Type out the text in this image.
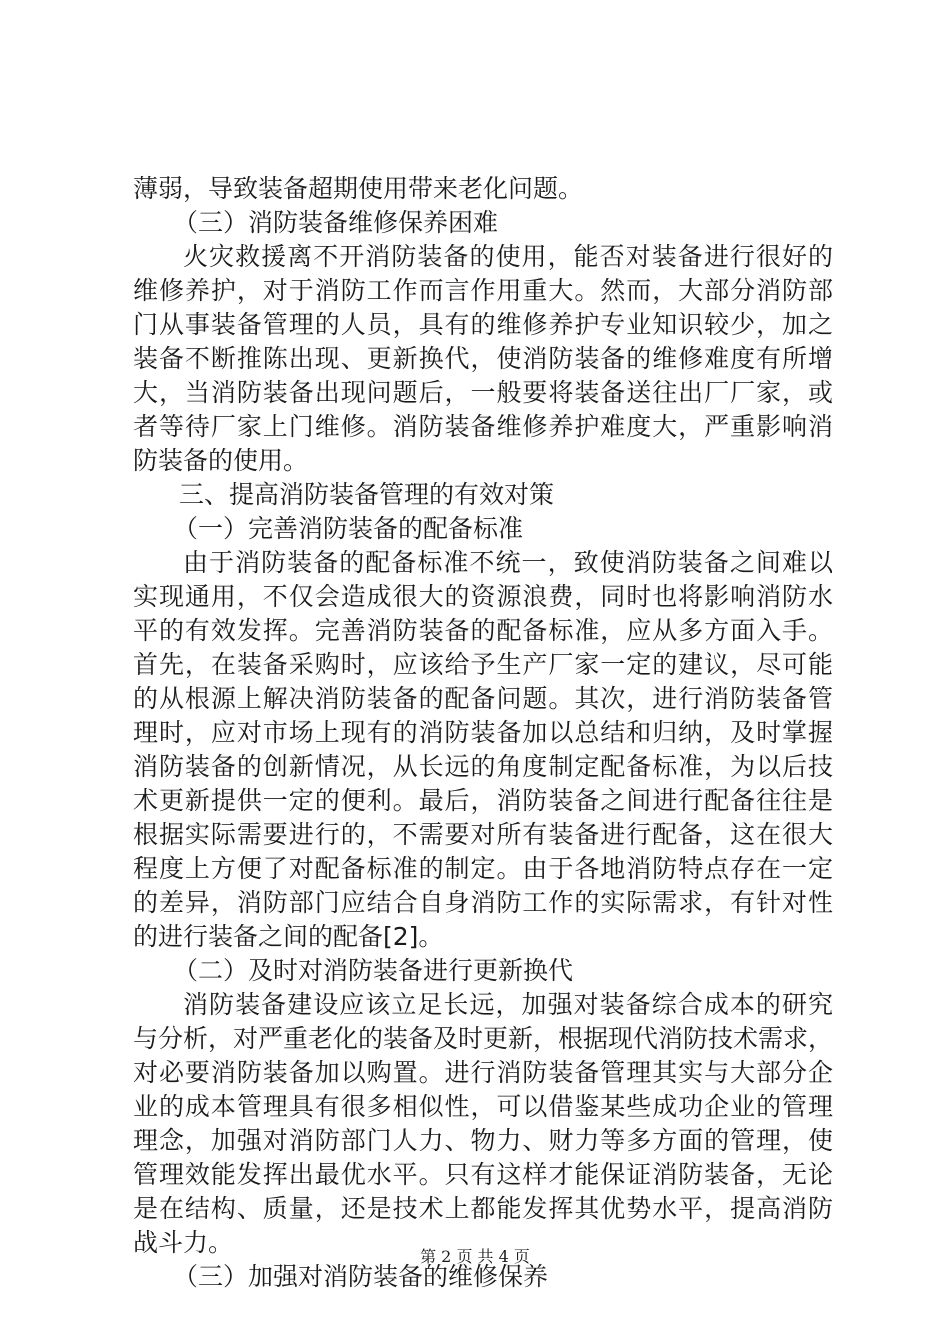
薄弱，导致装备超期使用带来老化问题。
（三）消防装备维修保养困难
火灾救援离不开消防装备的使用，能否对装备进行很好的
维修养护，对于消防工作而言作用重大。然而，大部分消防部
门从事装备管理的人员，具有的维修养护专业知识较少，加之
装备不断推陈出现、更新换代，使消防装备的维修难度有所增
大，当消防装备出现问题后，一般要将装备送往出厂厂家，或
者等待厂家上门维修。消防装备维修养护难度大，严重影响消
防装备的使用。
三、提高消防装备管理的有效对策
（一）完善消防装备的配备标准
由于消防装备的配备标准不统一，致使消防装备之间难以
实现通用，不仅会造成很大的资源浪费，同时也将影响消防水
平的有效发挥。完善消防装备的配备标准，应从多方面入手。
首先，在装备采购时，应该给予生产厂家一定的建议，尽可能
的从根源上解决消防装备的配备问题。其次，进行消防装备管
理时，应对市场上现有的消防装备加以总结和归纳，及时掌握
消防装备的创新情况，从长远的角度制定配备标准，为以后技
术更新提供一定的便利。最后，消防装备之间进行配备往往是
根据实际需要进行的，不需要对所有装备进行配备，这在很大
程度上方便了对配备标准的制定。由于各地消防特点存在一定
的差异，消防部门应结合自身消防工作的实际需求，有针对性
的进行装备之间的配备[2]。
（二）及时对消防装备进行更新换代
消防装备建设应该立足长远，加强对装备综合成本的研究
与分析，对严重老化的装备及时更新，根据现代消防技术需求，
对必要消防装备加以购置。进行消防装备管理其实与大部分企
业的成本管理具有很多相似性，可以借鉴某些成功企业的管理
理念，加强对消防部门人力、物力、财力等多方面的管理，使
管理效能发挥出最优水平。只有这样才能保证消防装备，无论
是在结构、质量，还是技术上都能发挥其优势水平，提高消防
战斗力。
（三）加强对消防装备的维修保养
第 2 页 共 4 页
